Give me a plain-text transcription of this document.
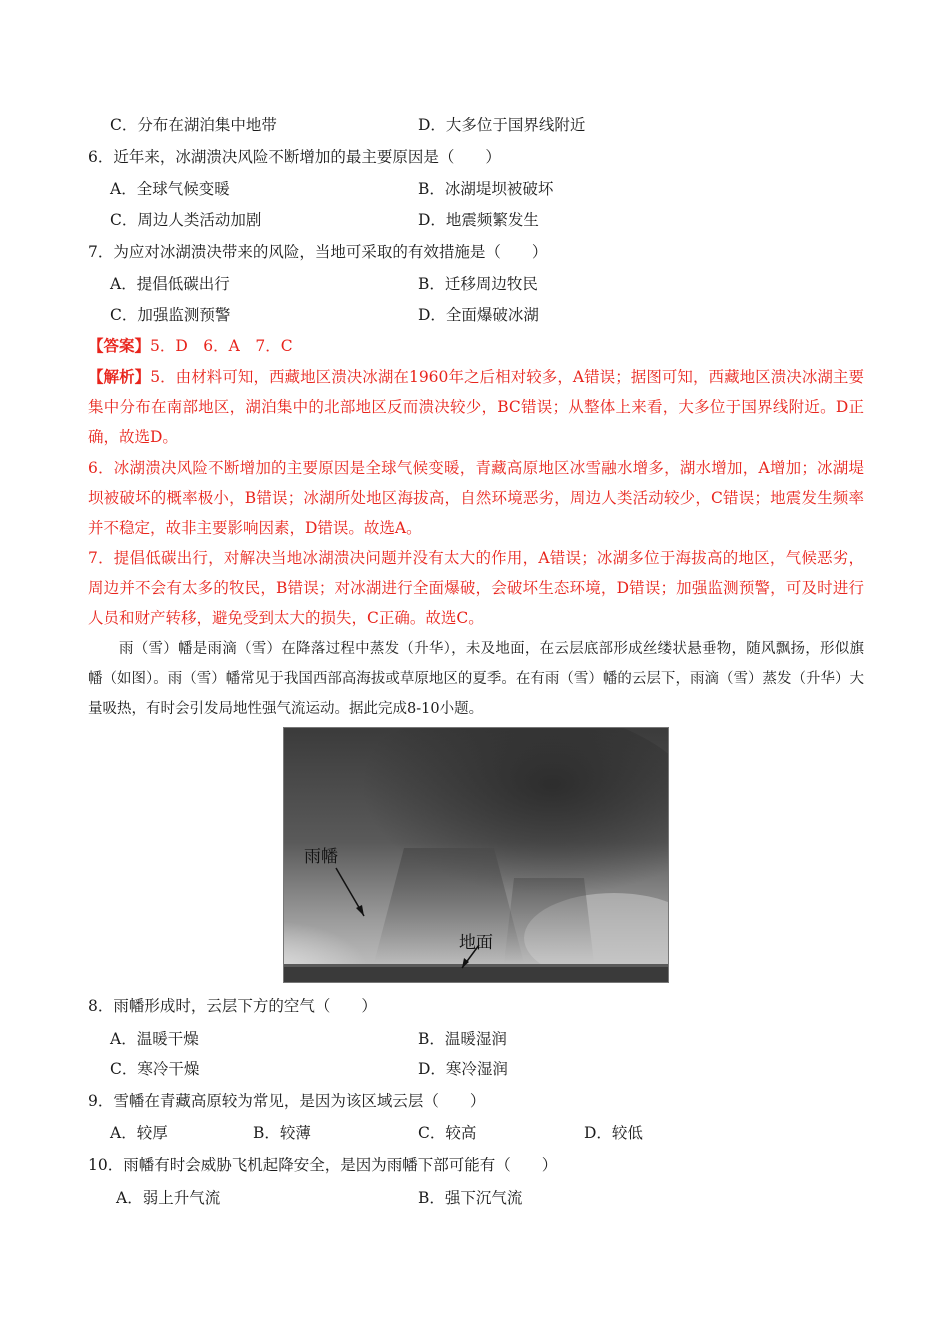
C．分布在湖泊集中地带	D．大多位于国界线附近
6．近年来，冰湖溃决风险不断增加的最主要原因是（　　）
A．全球气候变暖	B．冰湖堤坝被破坏
C．周边人类活动加剧	D．地震频繁发生
7．为应对冰湖溃决带来的风险，当地可采取的有效措施是（　　）
A．提倡低碳出行	B．迁移周边牧民
C．加强监测预警	D．全面爆破冰湖
【答案】5．D　6．A　7．C
【解析】5．由材料可知，西藏地区溃决冰湖在1960年之后相对较多，A错误；据图可知，西藏地区溃决冰湖主要集中分布在南部地区，湖泊集中的北部地区反而溃决较少，BC错误；从整体上来看，大多位于国界线附近。D正确，故选D。
6．冰湖溃决风险不断增加的主要原因是全球气候变暖，青藏高原地区冰雪融水增多，湖水增加，A增加；冰湖堤坝被破坏的概率极小，B错误；冰湖所处地区海拔高，自然环境恶劣，周边人类活动较少，C错误；地震发生频率并不稳定，故非主要影响因素，D错误。故选A。
7．提倡低碳出行，对解决当地冰湖溃决问题并没有太大的作用，A错误；冰湖多位于海拔高的地区，气候恶劣，周边并不会有太多的牧民，B错误；对冰湖进行全面爆破，会破坏生态环境，D错误；加强监测预警，可及时进行人员和财产转移，避免受到太大的损失，C正确。故选C。
雨（雪）幡是雨滴（雪）在降落过程中蒸发（升华），未及地面，在云层底部形成丝缕状悬垂物，随风飘扬，形似旗幡（如图）。雨（雪）幡常见于我国西部高海拔或草原地区的夏季。在有雨（雪）幡的云层下，雨滴（雪）蒸发（升华）大量吸热，有时会引发局地性强气流运动。据此完成8-10小题。
雨幡
地面
8．雨幡形成时，云层下方的空气（　　）
A．温暖干燥	B．温暖湿润
C．寒冷干燥	D．寒冷湿润
9．雪幡在青藏高原较为常见，是因为该区域云层（　　）
A．较厚	B．较薄	C．较高	D．较低
10．雨幡有时会威胁飞机起降安全，是因为雨幡下部可能有（　　）
A．弱上升气流	B．强下沉气流
